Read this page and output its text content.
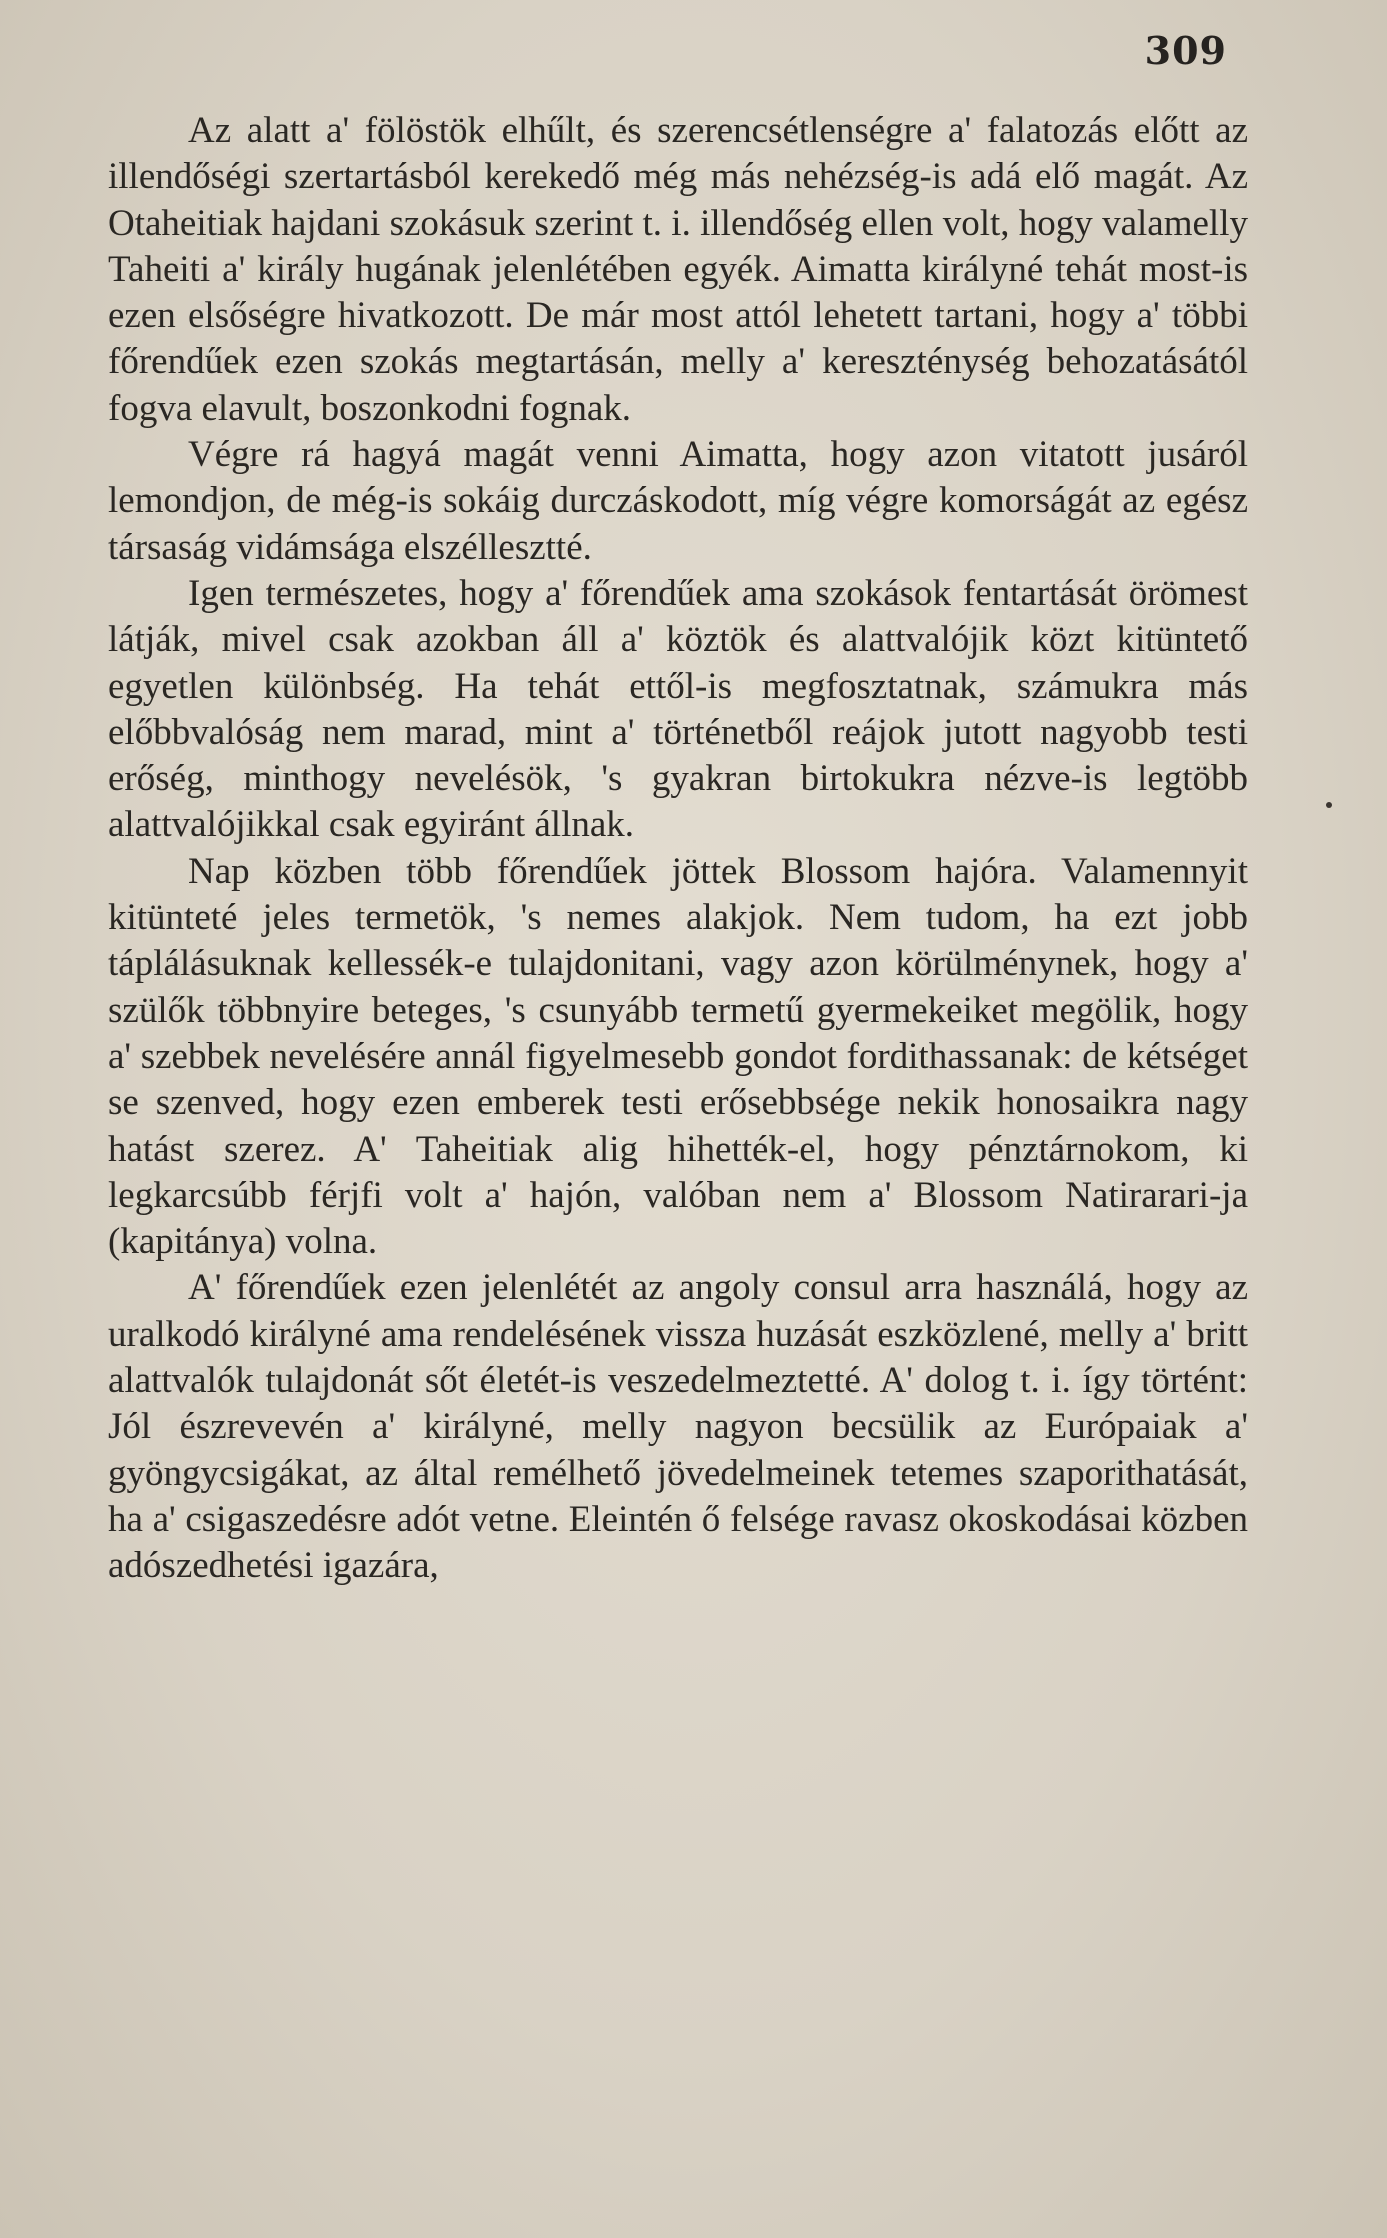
309

Az alatt a' fölöstök elhűlt, és szerencsétlenségre a' falatozás előtt az illendőségi szertartásból kerekedő még más nehézség-is adá elő magát. Az Otaheitiak hajdani szokásuk szerint t. i. illendőség ellen volt, hogy valamelly Taheiti a' király hugának jelenlétében egyék. Aimatta királyné tehát most-is ezen elsőségre hivatkozott. De már most attól lehetett tartani, hogy a' többi főrendűek ezen szokás megtartásán, melly a' kereszténység behozatásától fogva elavult, boszonkodni fognak.

Végre rá hagyá magát venni Aimatta, hogy azon vitatott jusáról lemondjon, de még-is sokáig durczáskodott, míg végre komorságát az egész társaság vidámsága elszéllesztté.

Igen természetes, hogy a' főrendűek ama szokások fentartását örömest látják, mivel csak azokban áll a' köztök és alattvalójik közt kitüntető egyetlen különbség. Ha tehát ettől-is megfosztatnak, számukra más előbbvalóság nem marad, mint a' történetből reájok jutott nagyobb testi erőség, minthogy nevelésök, 's gyakran birtokukra nézve-is legtöbb alattvalójikkal csak egyiránt állnak.

Nap közben több főrendűek jöttek Blossom hajóra. Valamennyit kitünteté jeles termetök, 's nemes alakjok. Nem tudom, ha ezt jobb táplálásuknak kellessék-e tulajdonitani, vagy azon körülménynek, hogy a' szülők többnyire beteges, 's csunyább termetű gyermekeiket megölik, hogy a' szebbek nevelésére annál figyelmesebb gondot fordithassanak: de kétséget se szenved, hogy ezen emberek testi erősebbsége nekik honosaikra nagy hatást szerez. A' Taheitiak alig hihették-el, hogy pénztárnokom, ki legkarcsúbb férjfi volt a' hajón, valóban nem a' Blossom Natirarari-ja (kapitánya) volna.

A' főrendűek ezen jelenlétét az angoly consul arra használá, hogy az uralkodó királyné ama rendelésének vissza huzását eszközlené, melly a' britt alattvalók tulajdonát sőt életét-is veszedelmeztetté. A' dolog t. i. így történt: Jól észrevevén a' királyné, melly nagyon becsülik az Európaiak a' gyöngycsigákat, az által remélhető jövedelmeinek tetemes szaporithatását, ha a' csigaszedésre adót vetne. Eleintén ő felsége ravasz okoskodásai közben adószedhetési igazára,
